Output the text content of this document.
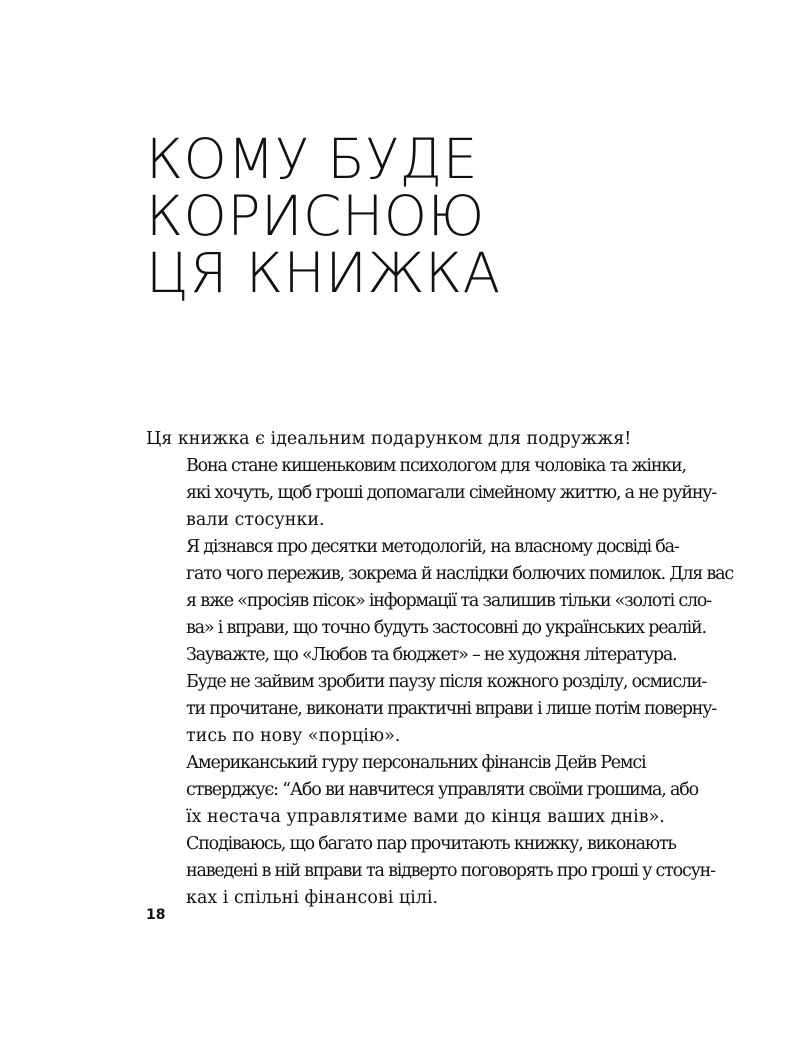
КОМУ БУДЕ
КОРИСНОЮ
ЦЯ КНИЖКА

Ця книжка є ідеальним подарунком для подружжя!

Вона стане кишеньковим психологом для чоловіка та жінки,
які хочуть, щоб гроші допомагали сімейному життю, а не руйну-
вали стосунки.

Я дізнався про десятки методологій, на власному досвіді ба-
гато чого пережив, зокрема й наслідки болючих помилок. Для вас
я вже «просіяв пісок» інформації та залишив тільки «золоті сло-
ва» і вправи, що точно будуть застосовні до українських реалій.

Зауважте, що «Любов та бюджет» – не художня література.
Буде не зайвим зробити паузу після кожного розділу, осмисли-
ти прочитане, виконати практичні вправи і лише потім поверну-
тись по нову «порцію».

Американський гуру персональних фінансів Дейв Ремсі
стверджує: “Або ви навчитеся управляти своїми грошима, або
їх нестача управлятиме вами до кінця ваших днів».

Сподіваюсь, що багато пар прочитають книжку, виконають
наведені в ній вправи та відверто поговорять про гроші у стосун-
ках і спільні фінансові цілі.

18
